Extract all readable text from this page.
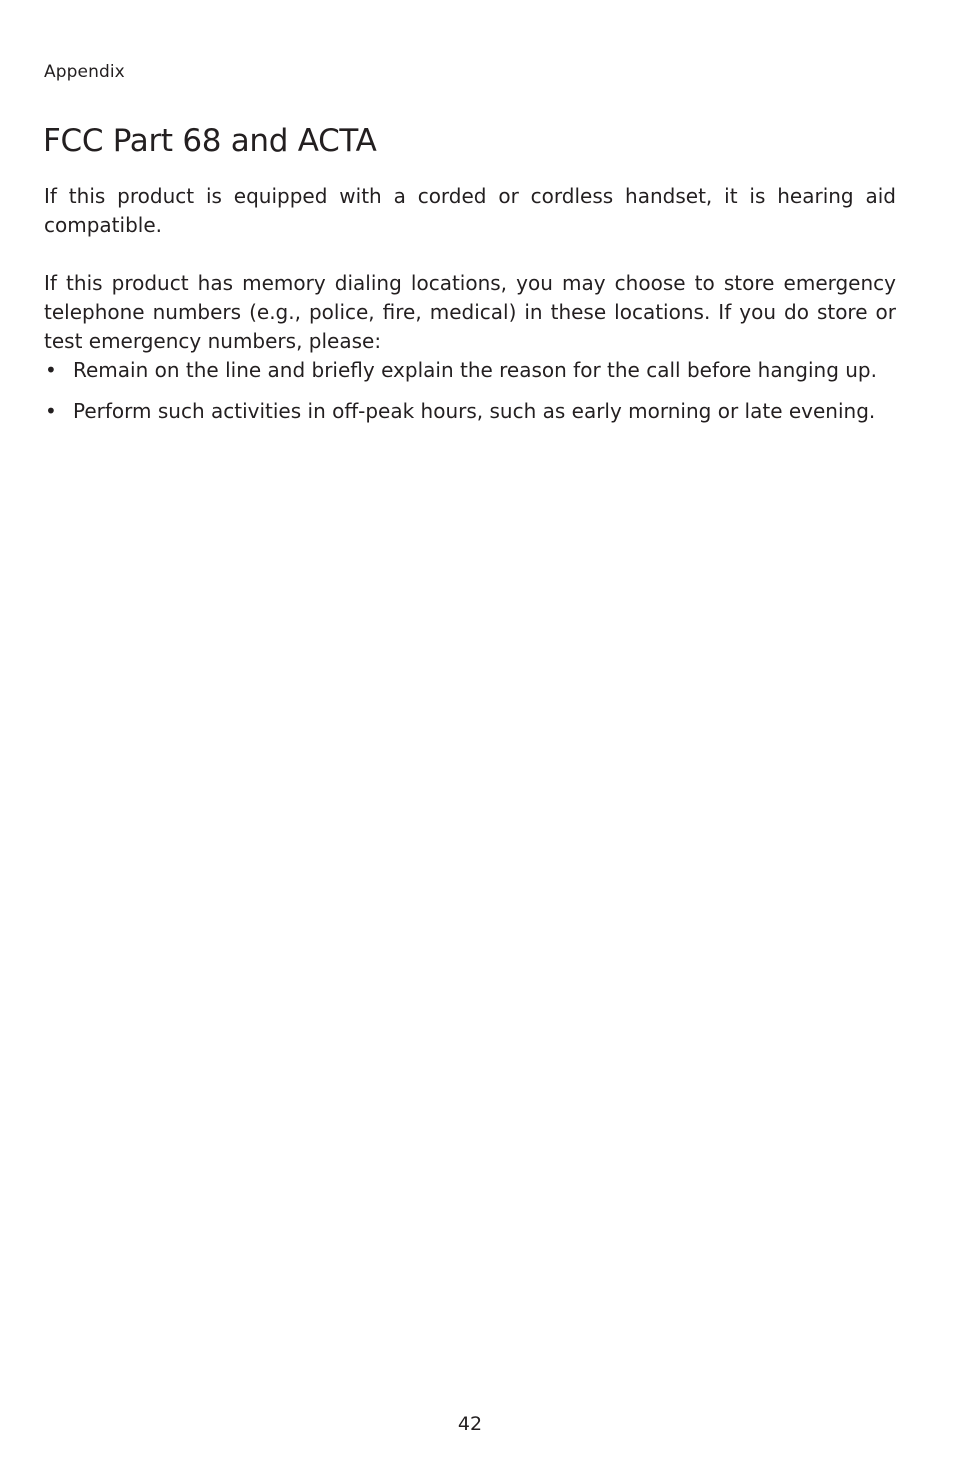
Appendix
FCC Part 68 and ACTA

If this product is equipped with a corded or cordless handset, it is hearing aid compatible.

If this product has memory dialing locations, you may choose to store emergency telephone numbers (e.g., police, fire, medical) in these locations. If you do store or test emergency numbers, please:

• Remain on the line and briefly explain the reason for the call before hanging up.
• Perform such activities in off-peak hours, such as early morning or late evening.
42
